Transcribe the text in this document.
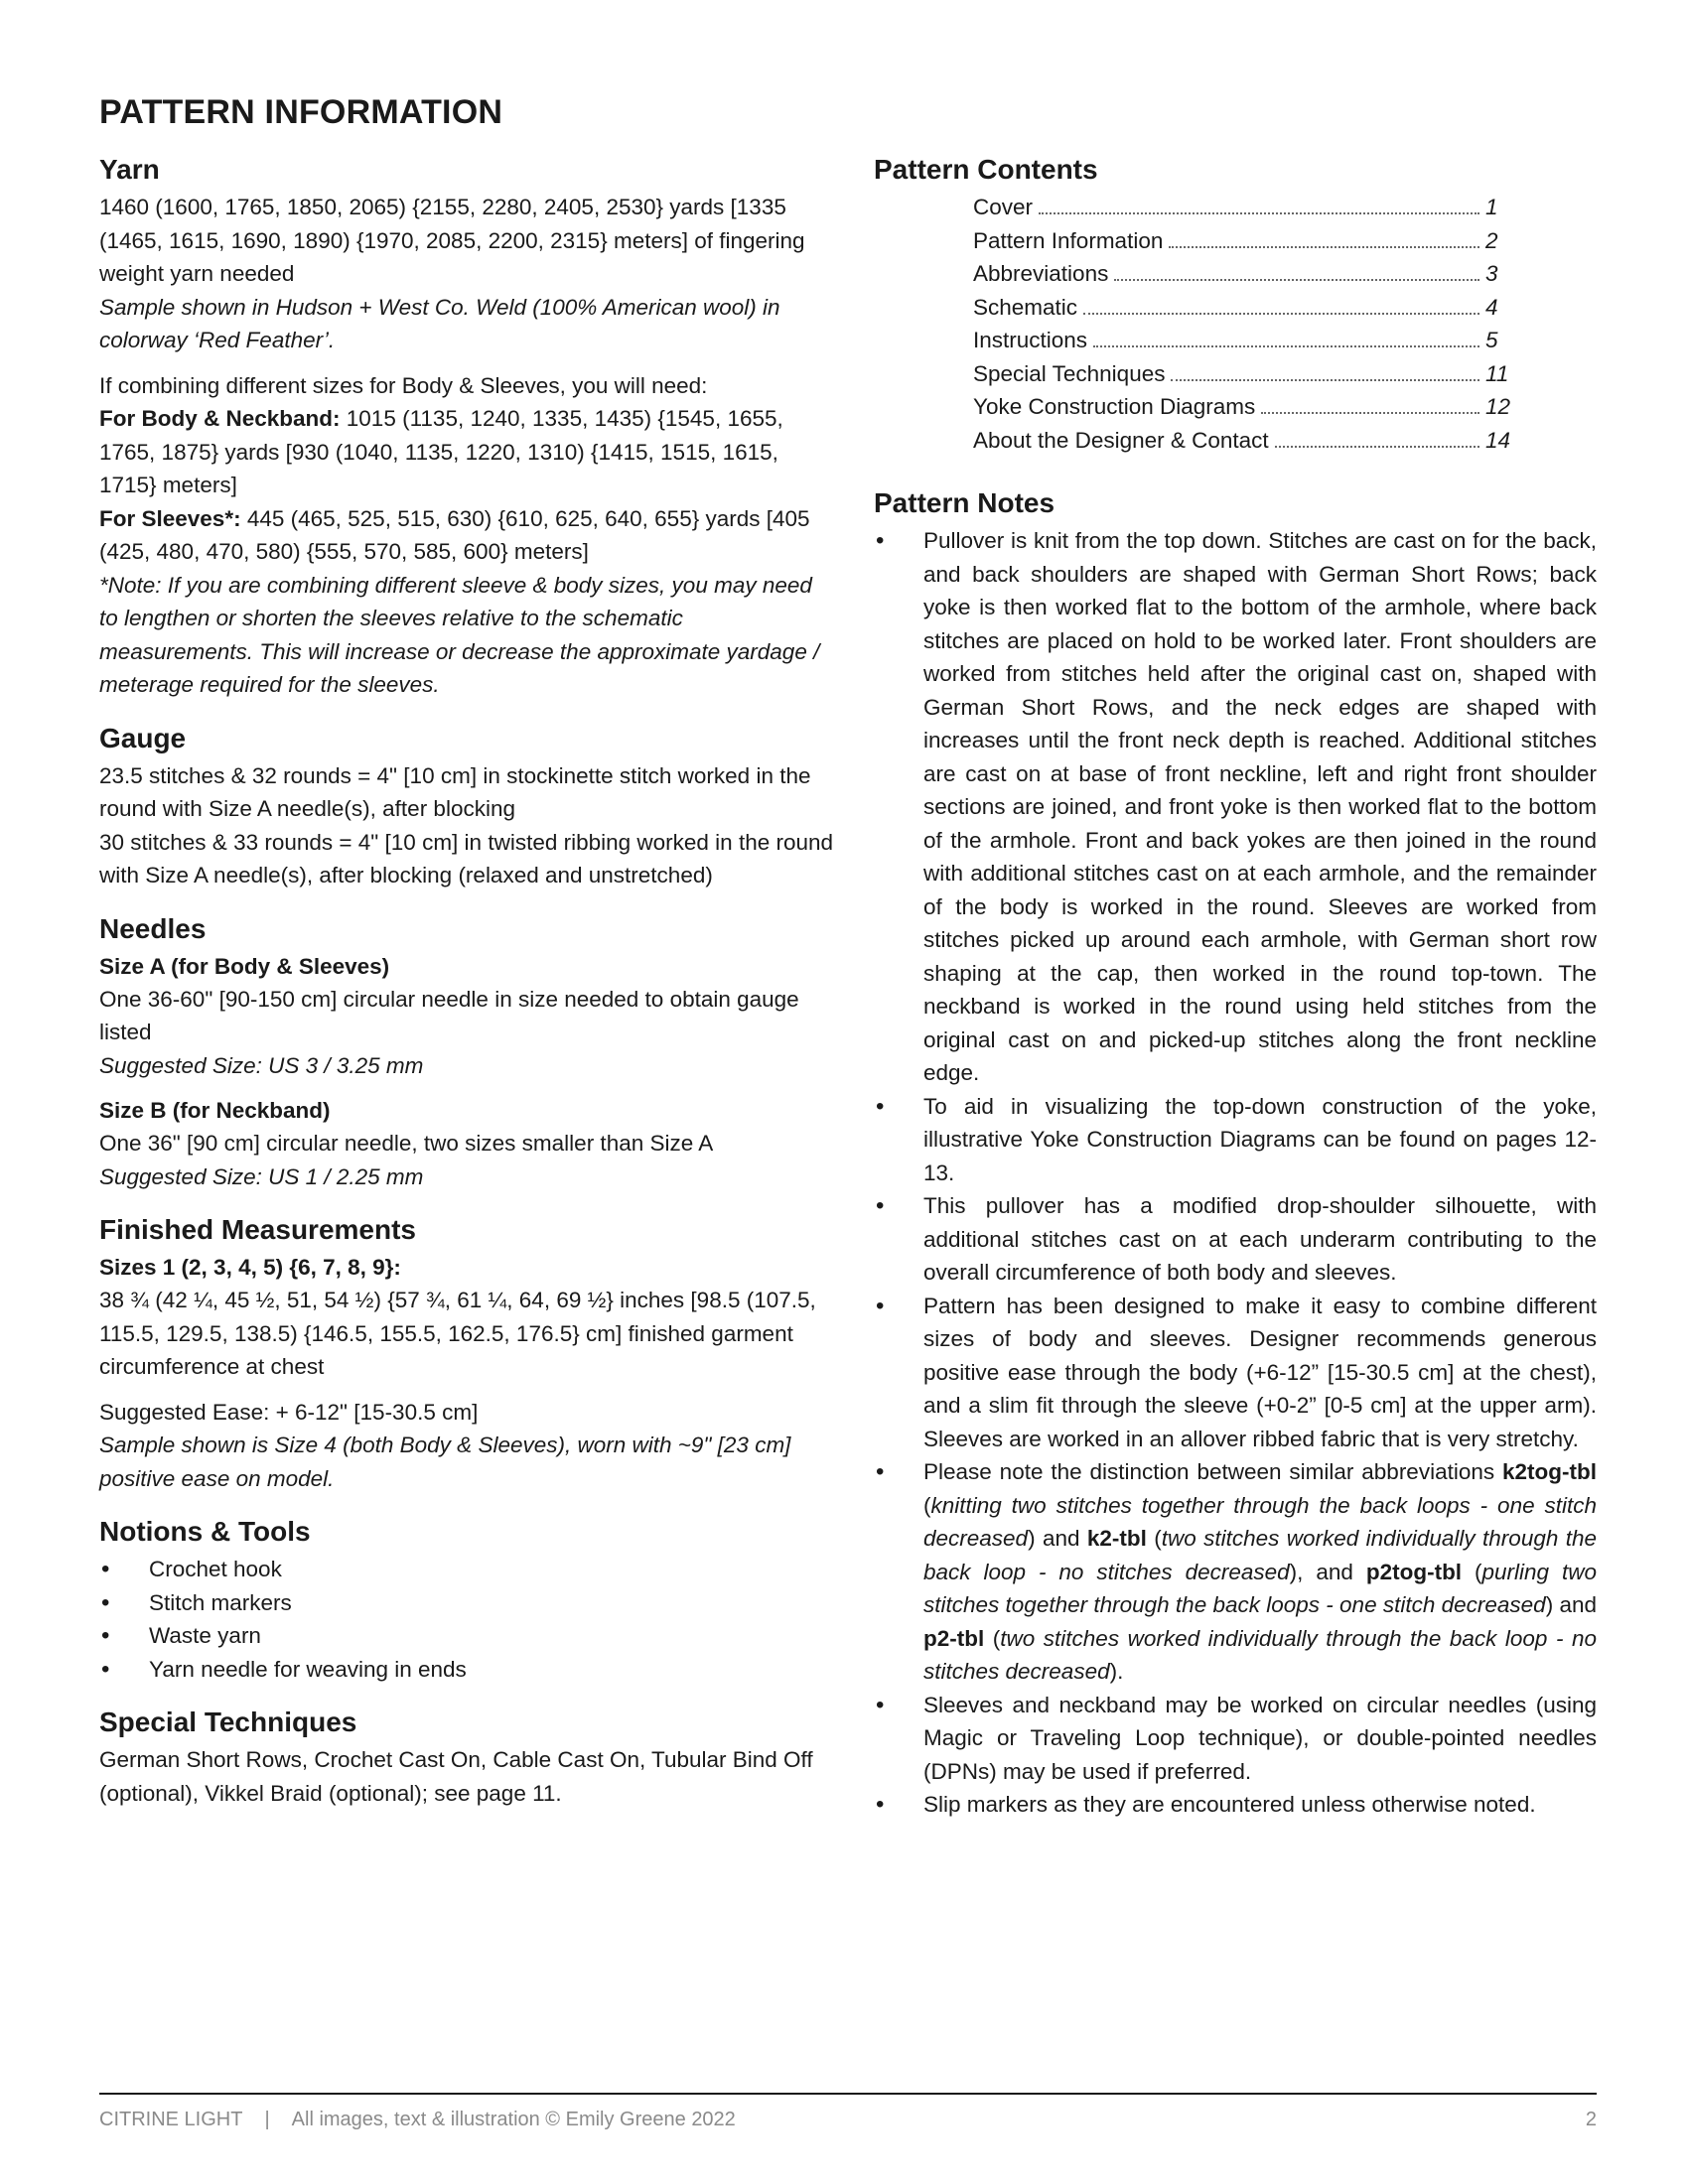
PATTERN INFORMATION
Yarn

1460 (1600, 1765, 1850, 2065) {2155, 2280, 2405, 2530} yards [1335 (1465, 1615, 1690, 1890) {1970, 2085, 2200, 2315} meters] of fingering weight yarn needed

Sample shown in Hudson + West Co. Weld (100% American wool) in colorway ‘Red Feather’.

If combining different sizes for Body & Sleeves, you will need:

For Body & Neckband: 1015 (1135, 1240, 1335, 1435) {1545, 1655, 1765, 1875} yards [930 (1040, 1135, 1220, 1310) {1415, 1515, 1615, 1715} meters]

For Sleeves*: 445 (465, 525, 515, 630) {610, 625, 640, 655} yards [405 (425, 480, 470, 580) {555, 570, 585, 600} meters]

*Note: If you are combining different sleeve & body sizes, you may need to lengthen or shorten the sleeves relative to the schematic measurements. This will increase or decrease the approximate yardage / meterage required for the sleeves.

Gauge

23.5 stitches & 32 rounds = 4" [10 cm] in stockinette stitch worked in the round with Size A needle(s), after blocking

30 stitches & 33 rounds = 4" [10 cm] in twisted ribbing worked in the round with Size A needle(s), after blocking (relaxed and unstretched)

Needles
Size A (for Body & Sleeves)

One 36-60" [90-150 cm] circular needle in size needed to obtain gauge listed

Suggested Size: US 3 / 3.25 mm

Size B (for Neckband)

One 36" [90 cm] circular needle, two sizes smaller than Size A

Suggested Size: US 1 / 2.25 mm

Finished Measurements
Sizes 1 (2, 3, 4, 5) {6, 7, 8, 9}:

38 ¾ (42 ¼, 45 ½, 51, 54 ½) {57 ¾, 61 ¼, 64, 69 ½} inches [98.5 (107.5, 115.5, 129.5, 138.5) {146.5, 155.5, 162.5, 176.5} cm] finished garment circumference at chest

Suggested Ease: + 6-12" [15-30.5 cm]

Sample shown is Size 4 (both Body & Sleeves), worn with ~9" [23 cm] positive ease on model.

Notions & Tools
• Crochet hook
• Stitch markers
• Waste yarn
• Yarn needle for weaving in ends
Special Techniques

German Short Rows, Crochet Cast On, Cable Cast On, Tubular Bind Off (optional), Vikkel Braid (optional); see page 11.

Pattern Contents
Cover	1
Pattern Information	2
Abbreviations	3
Schematic	4
Instructions	5
Special Techniques	11
Yoke Construction Diagrams	12
About the Designer & Contact	14
Pattern Notes
• Pullover is knit from the top down. Stitches are cast on for the back, and back shoulders are shaped with German Short Rows; back yoke is then worked flat to the bottom of the armhole, where back stitches are placed on hold to be worked later. Front shoulders are worked from stitches held after the original cast on, shaped with German Short Rows, and the neck edges are shaped with increases until the front neck depth is reached. Additional stitches are cast on at base of front neckline, left and right front shoulder sections are joined, and front yoke is then worked flat to the bottom of the armhole. Front and back yokes are then joined in the round with additional stitches cast on at each armhole, and the remainder of the body is worked in the round. Sleeves are worked from stitches picked up around each armhole, with German short row shaping at the cap, then worked in the round top-town. The neckband is worked in the round using held stitches from the original cast on and picked-up stitches along the front neckline edge.
• To aid in visualizing the top-down construction of the yoke, illustrative Yoke Construction Diagrams can be found on pages 12-13.
• This pullover has a modified drop-shoulder silhouette, with additional stitches cast on at each underarm contributing to the overall circumference of both body and sleeves.
• Pattern has been designed to make it easy to combine different sizes of body and sleeves. Designer recommends generous positive ease through the body (+6-12” [15-30.5 cm] at the chest), and a slim fit through the sleeve (+0-2” [0-5 cm] at the upper arm). Sleeves are worked in an allover ribbed fabric that is very stretchy.
• Please note the distinction between similar abbreviations k2tog-tbl (knitting two stitches together through the back loops - one stitch decreased) and k2-tbl (two stitches worked individually through the back loop - no stitches decreased), and p2tog-tbl (purling two stitches together through the back loops - one stitch decreased) and p2-tbl (two stitches worked individually through the back loop - no stitches decreased).
• Sleeves and neckband may be worked on circular needles (using Magic or Traveling Loop technique), or double-pointed needles (DPNs) may be used if preferred.
• Slip markers as they are encountered unless otherwise noted.
CITRINE LIGHT | All images, text & illustration © Emily Greene 2022	2
